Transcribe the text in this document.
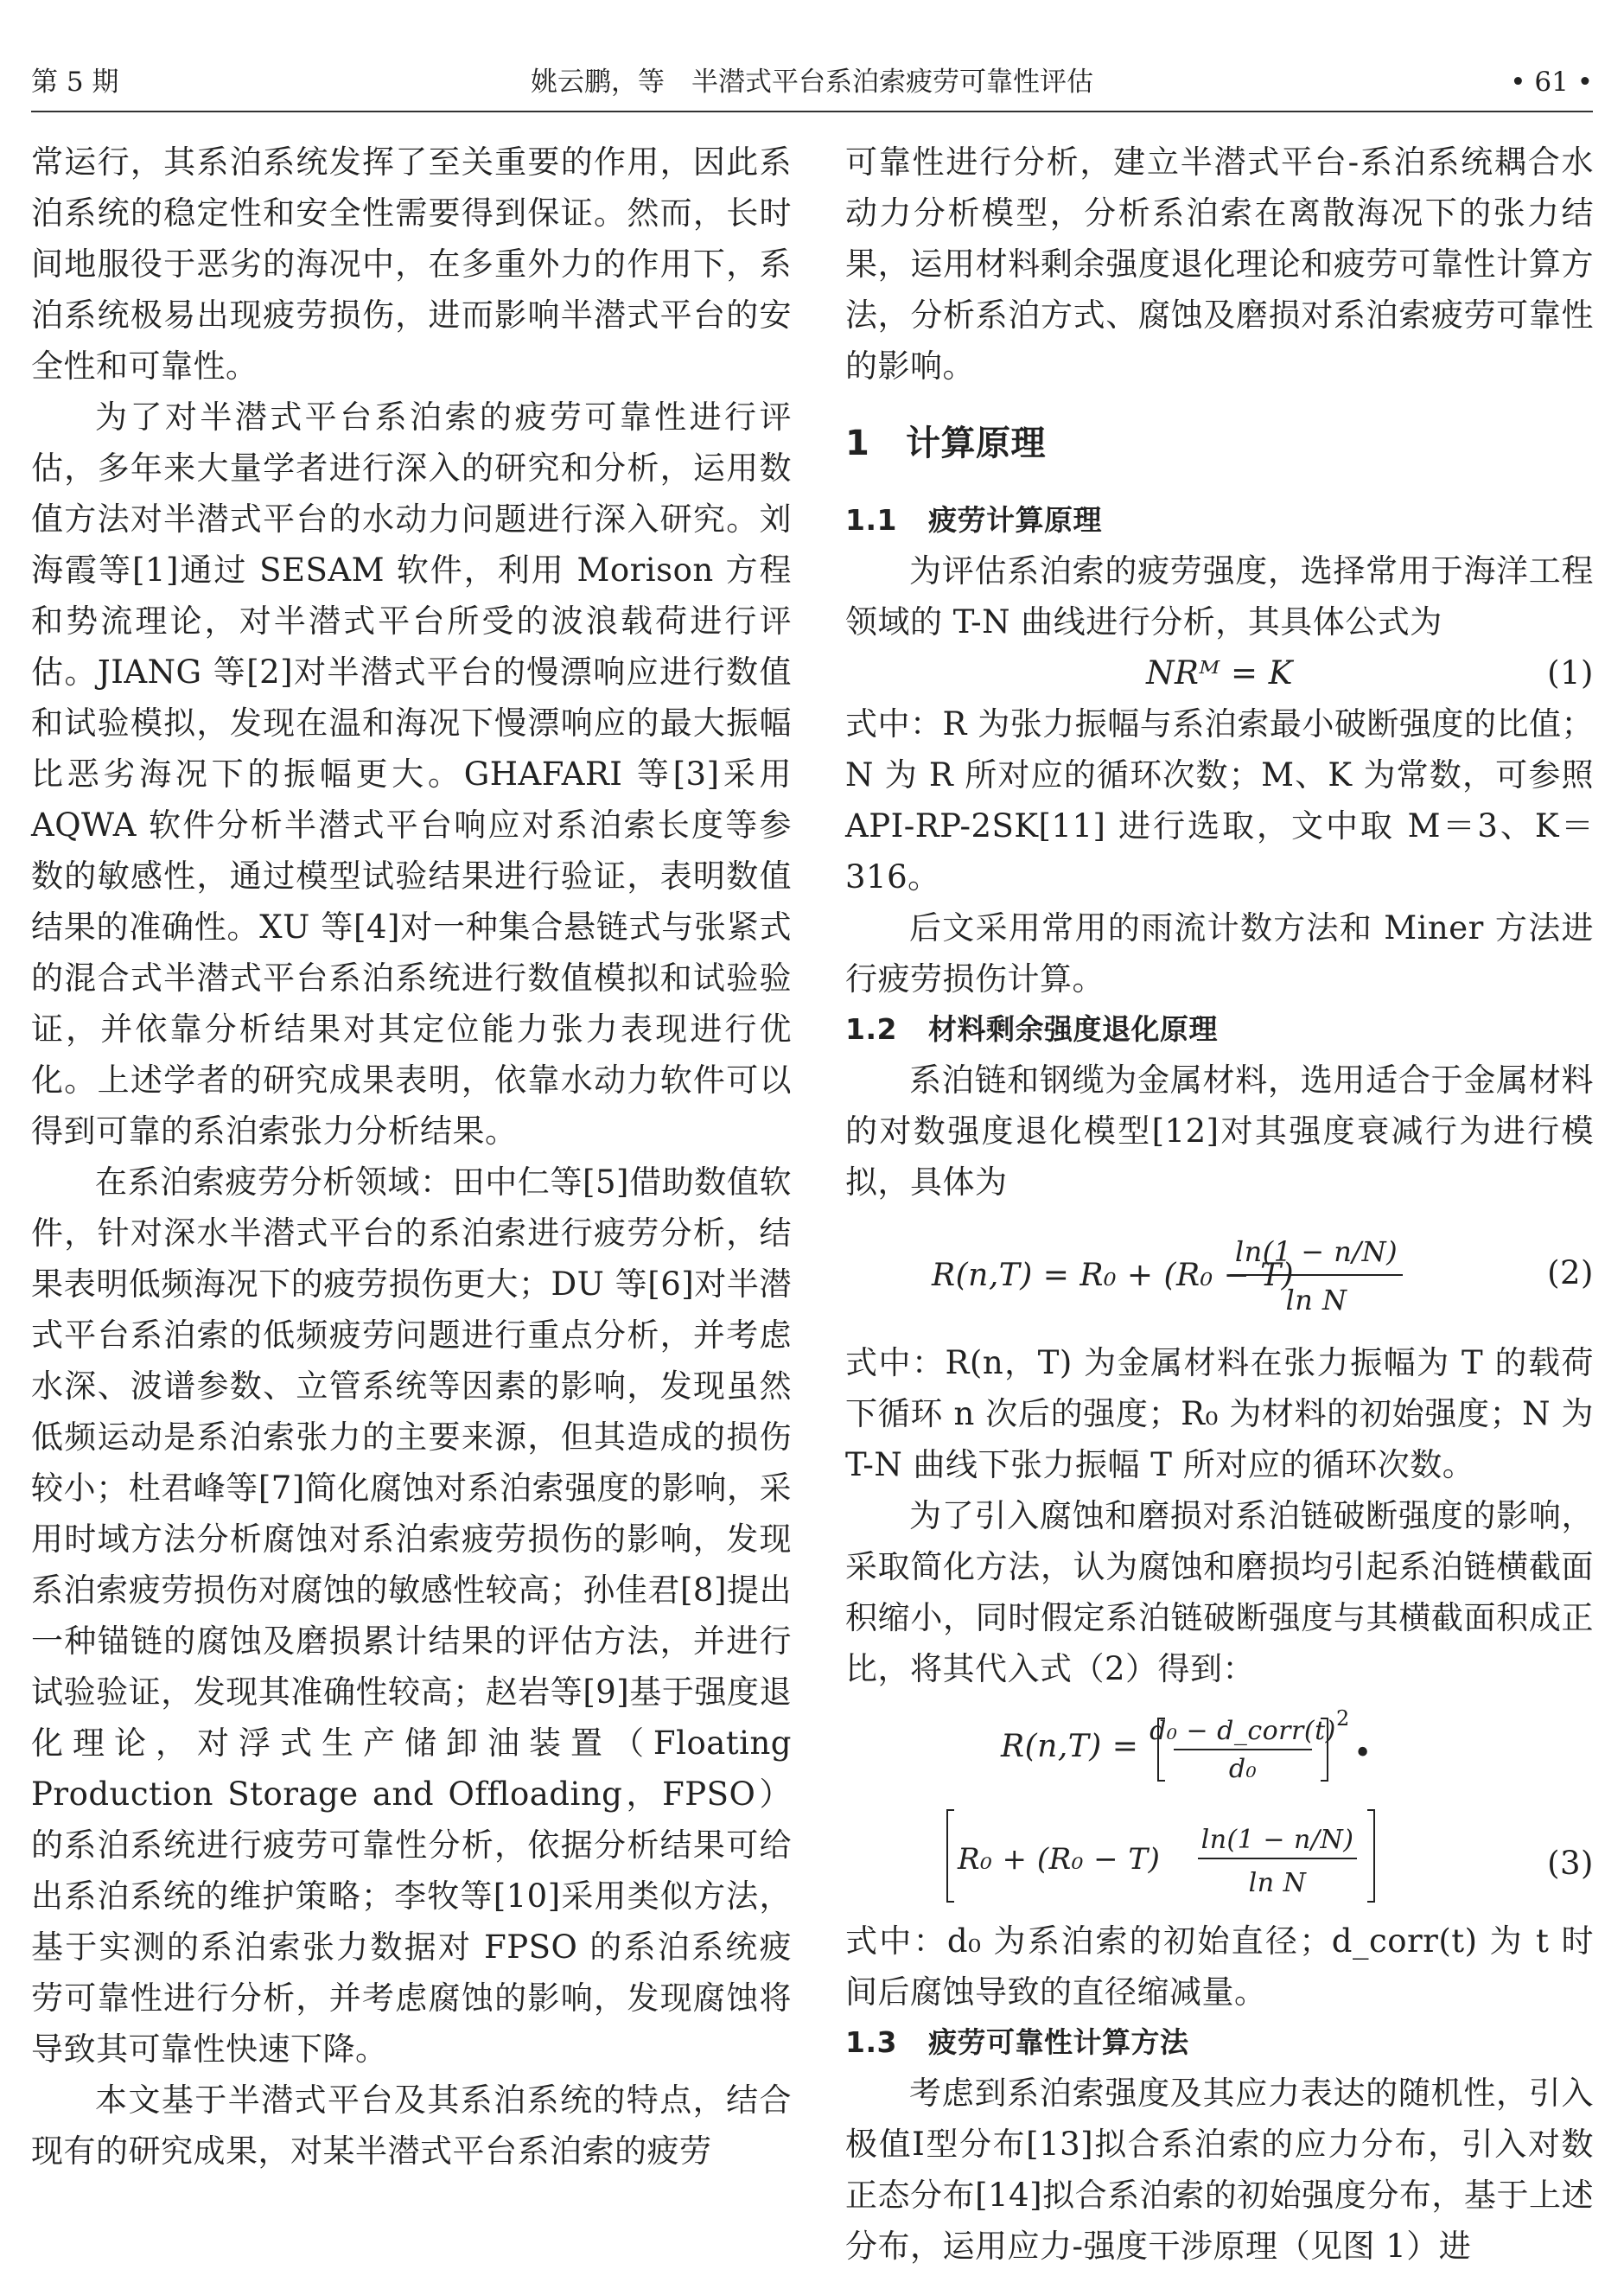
第 5 期	姚云鹏，等　半潜式平台系泊索疲劳可靠性评估	• 61 •

常运行，其系泊系统发挥了至关重要的作用，因此系泊系统的稳定性和安全性需要得到保证。然而，长时间地服役于恶劣的海况中，在多重外力的作用下，系泊系统极易出现疲劳损伤，进而影响半潜式平台的安全性和可靠性。

为了对半潜式平台系泊索的疲劳可靠性进行评估，多年来大量学者进行深入的研究和分析，运用数值方法对半潜式平台的水动力问题进行深入研究。刘海霞等[1]通过 SESAM 软件，利用 Morison 方程和势流理论，对半潜式平台所受的波浪载荷进行评估。JIANG 等[2]对半潜式平台的慢漂响应进行数值和试验模拟，发现在温和海况下慢漂响应的最大振幅比恶劣海况下的振幅更大。GHAFARI 等[3]采用 AQWA 软件分析半潜式平台响应对系泊索长度等参数的敏感性，通过模型试验结果进行验证，表明数值结果的准确性。XU 等[4]对一种集合悬链式与张紧式的混合式半潜式平台系泊系统进行数值模拟和试验验证，并依靠分析结果对其定位能力张力表现进行优化。上述学者的研究成果表明，依靠水动力软件可以得到可靠的系泊索张力分析结果。

在系泊索疲劳分析领域：田中仁等[5]借助数值软件，针对深水半潜式平台的系泊索进行疲劳分析，结果表明低频海况下的疲劳损伤更大；DU 等[6]对半潜式平台系泊索的低频疲劳问题进行重点分析，并考虑水深、波谱参数、立管系统等因素的影响，发现虽然低频运动是系泊索张力的主要来源，但其造成的损伤较小；杜君峰等[7]简化腐蚀对系泊索强度的影响，采用时域方法分析腐蚀对系泊索疲劳损伤的影响，发现系泊索疲劳损伤对腐蚀的敏感性较高；孙佳君[8]提出一种锚链的腐蚀及磨损累计结果的评估方法，并进行试验验证，发现其准确性较高；赵岩等[9]基于强度退化理论，对浮式生产储卸油装置（Floating Production Storage and Offloading，FPSO）的系泊系统进行疲劳可靠性分析，依据分析结果可给出系泊系统的维护策略；李牧等[10]采用类似方法，基于实测的系泊索张力数据对 FPSO 的系泊系统疲劳可靠性进行分析，并考虑腐蚀的影响，发现腐蚀将导致其可靠性快速下降。

本文基于半潜式平台及其系泊系统的特点，结合现有的研究成果，对某半潜式平台系泊索的疲劳

可靠性进行分析，建立半潜式平台-系泊系统耦合水动力分析模型，分析系泊索在离散海况下的张力结果，运用材料剩余强度退化理论和疲劳可靠性计算方法，分析系泊方式、腐蚀及磨损对系泊索疲劳可靠性的影响。

1 计算原理
1.1 疲劳计算原理

为评估系泊索的疲劳强度，选择常用于海洋工程领域的 T-N 曲线进行分析，其具体公式为

NRᴹ = K	(1)

式中：R 为张力振幅与系泊索最小破断强度的比值；N 为 R 所对应的循环次数；M、K 为常数，可参照 API-RP-2SK[11] 进行选取，文中取 M＝3、K＝316。

后文采用常用的雨流计数方法和 Miner 方法进行疲劳损伤计算。

1.2 材料剩余强度退化原理

系泊链和钢缆为金属材料，选用适合于金属材料的对数强度退化模型[12]对其强度衰减行为进行模拟，具体为

R(n,T) = R₀ + (R₀ − T)
ln(1 − n/N)
ln N
(2)

式中：R(n，T) 为金属材料在张力振幅为 T 的载荷下循环 n 次后的强度；R₀ 为材料的初始强度；N 为 T-N 曲线下张力振幅 T 所对应的循环次数。

为了引入腐蚀和磨损对系泊链破断强度的影响，采取简化方法，认为腐蚀和磨损均引起系泊链横截面积缩小，同时假定系泊链破断强度与其横截面积成正比，将其代入式（2）得到：

R(n,T) = d₀ − d_corr(t)
d₀
2
•
R₀ + (R₀ − T)
ln(1 − n/N)
ln N
(3)

式中：d₀ 为系泊索的初始直径；d_corr(t) 为 t 时间后腐蚀导致的直径缩减量。

1.3 疲劳可靠性计算方法

考虑到系泊索强度及其应力表达的随机性，引入极值Ⅰ型分布[13]拟合系泊索的应力分布，引入对数正态分布[14]拟合系泊索的初始强度分布，基于上述分布，运用应力-强度干涉原理（见图 1）进
